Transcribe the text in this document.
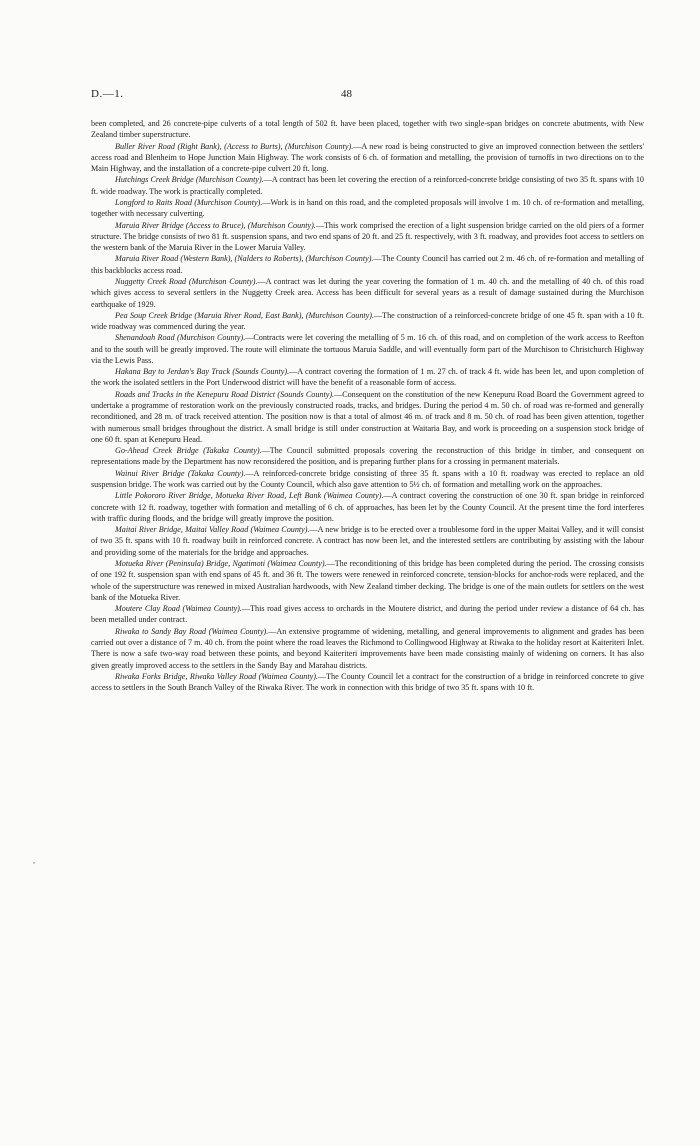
D.—1.	48
,

been completed, and 26 concrete-pipe culverts of a total length of 502 ft. have been placed, together with two single-span bridges on concrete abutments, with New Zealand timber superstructure.

Buller River Road (Right Bank), (Access to Burts), (Murchison County).—A new road is being constructed to give an improved connection between the settlers' access road and Blenheim to Hope Junction Main Highway. The work consists of 6 ch. of formation and metalling, the provision of turnoffs in two directions on to the Main Highway, and the installation of a concrete-pipe culvert 20 ft. long.

Hutchings Creek Bridge (Murchison County).—A contract has been let covering the erection of a reinforced-concrete bridge consisting of two 35 ft. spans with 10 ft. wide roadway. The work is practically completed.

Longford to Raits Road (Murchison County).—Work is in hand on this road, and the completed proposals will involve 1 m. 10 ch. of re-formation and metalling, together with necessary culverting.

Maruia River Bridge (Access to Bruce), (Murchison County).—This work comprised the erection of a light suspension bridge carried on the old piers of a former structure. The bridge consists of two 81 ft. suspension spans, and two end spans of 20 ft. and 25 ft. respectively, with 3 ft. roadway, and provides foot access to settlers on the western bank of the Maruia River in the Lower Maruia Valley.

Maruia River Road (Western Bank), (Nalders to Roberts), (Murchison County).—The County Council has carried out 2 m. 46 ch. of re-formation and metalling of this backblocks access road.

Nuggetty Creek Road (Murchison County).—A contract was let during the year covering the formation of 1 m. 40 ch. and the metalling of 40 ch. of this road which gives access to several settlers in the Nuggetty Creek area. Access has been difficult for several years as a result of damage sustained during the Murchison earthquake of 1929.

Pea Soup Creek Bridge (Maruia River Road, East Bank), (Murchison County).—The construction of a reinforced-concrete bridge of one 45 ft. span with a 10 ft. wide roadway was commenced during the year.

Shenandoah Road (Murchison County).—Contracts were let covering the metalling of 5 m. 16 ch. of this road, and on completion of the work access to Reefton and to the south will be greatly improved. The route will eliminate the tortuous Maruia Saddle, and will eventually form part of the Murchison to Christchurch Highway via the Lewis Pass.

Hakana Bay to Jerdan's Bay Track (Sounds County).—A contract covering the formation of 1 m. 27 ch. of track 4 ft. wide has been let, and upon completion of the work the isolated settlers in the Port Underwood district will have the benefit of a reasonable form of access.

Roads and Tracks in the Kenepuru Road District (Sounds County).—Consequent on the constitution of the new Kenepuru Road Board the Government agreed to undertake a programme of restoration work on the previously constructed roads, tracks, and bridges. During the period 4 m. 50 ch. of road was re-formed and generally reconditioned, and 28 m. of track received attention. The position now is that a total of almost 46 m. of track and 8 m. 50 ch. of road has been given attention, together with numerous small bridges throughout the district. A small bridge is still under construction at Waitaria Bay, and work is proceeding on a suspension stock bridge of one 60 ft. span at Kenepuru Head.

Go-Ahead Creek Bridge (Takaka County).—The Council submitted proposals covering the reconstruction of this bridge in timber, and consequent on representations made by the Department has now reconsidered the position, and is preparing further plans for a crossing in permanent materials.

Wainui River Bridge (Takaka County).—A reinforced-concrete bridge consisting of three 35 ft. spans with a 10 ft. roadway was erected to replace an old suspension bridge. The work was carried out by the County Council, which also gave attention to 5½ ch. of formation and metalling work on the approaches.

Little Pokororo River Bridge, Motueka River Road, Left Bank (Waimea County).—A contract covering the construction of one 30 ft. span bridge in reinforced concrete with 12 ft. roadway, together with formation and metalling of 6 ch. of approaches, has been let by the County Council. At the present time the ford interferes with traffic during floods, and the bridge will greatly improve the position.

Maitai River Bridge, Maitai Valley Road (Waimea County).—A new bridge is to be erected over a troublesome ford in the upper Maitai Valley, and it will consist of two 35 ft. spans with 10 ft. roadway built in reinforced concrete. A contract has now been let, and the interested settlers are contributing by assisting with the labour and providing some of the materials for the bridge and approaches.

Motueka River (Peninsula) Bridge, Ngatimoti (Waimea County).—The reconditioning of this bridge has been completed during the period. The crossing consists of one 192 ft. suspension span with end spans of 45 ft. and 36 ft. The towers were renewed in reinforced concrete, tension-blocks for anchor-rods were replaced, and the whole of the superstructure was renewed in mixed Australian hardwoods, with New Zealand timber decking. The bridge is one of the main outlets for settlers on the west bank of the Motueka River.

Moutere Clay Road (Waimea County).—This road gives access to orchards in the Moutere district, and during the period under review a distance of 64 ch. has been metalled under contract.

Riwaka to Sandy Bay Road (Waimea County).—An extensive programme of widening, metalling, and general improvements to alignment and grades has been carried out over a distance of 7 m. 40 ch. from the point where the road leaves the Richmond to Collingwood Highway at Riwaka to the holiday resort at Kaiteriteri Inlet. There is now a safe two-way road between these points, and beyond Kaiteriteri improvements have been made consisting mainly of widening on corners. It has also given greatly improved access to the settlers in the Sandy Bay and Marahau districts.

Riwaka Forks Bridge, Riwaka Valley Road (Waimea County).—The County Council let a contract for the construction of a bridge in reinforced concrete to give access to settlers in the South Branch Valley of the Riwaka River. The work in connection with this bridge of two 35 ft. spans with 10 ft.
